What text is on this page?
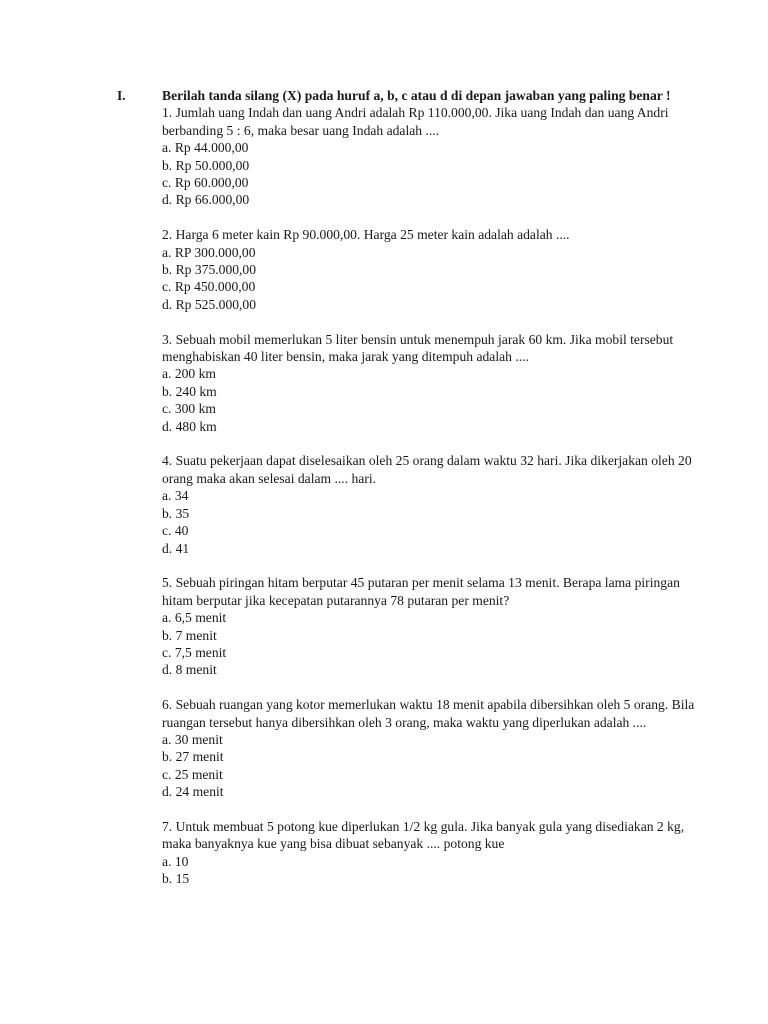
I.	Berilah tanda silang (X) pada huruf a, b, c atau d di depan jawaban yang paling benar !
1. Jumlah uang Indah dan uang Andri adalah Rp 110.000,00. Jika uang Indah dan uang Andri berbanding 5 : 6, maka besar uang Indah adalah ....
a. Rp 44.000,00
b. Rp 50.000,00
c. Rp 60.000,00
d. Rp 66.000,00
2. Harga 6 meter kain Rp 90.000,00. Harga 25 meter kain adalah adalah ....
a. RP 300.000,00
b. Rp 375.000,00
c. Rp 450.000,00
d. Rp 525.000,00
3. Sebuah mobil memerlukan 5 liter bensin untuk menempuh jarak 60 km. Jika mobil tersebut menghabiskan 40 liter bensin, maka jarak yang ditempuh adalah ....
a. 200 km
b. 240 km
c. 300 km
d. 480 km
4. Suatu pekerjaan dapat diselesaikan oleh 25 orang dalam waktu 32 hari. Jika dikerjakan oleh 20 orang maka akan selesai dalam .... hari.
a. 34
b. 35
c. 40
d. 41
5. Sebuah piringan hitam berputar 45 putaran per menit selama 13 menit. Berapa lama piringan hitam berputar jika kecepatan putarannya 78 putaran per menit?
a. 6,5 menit
b. 7 menit
c. 7,5 menit
d. 8 menit
6. Sebuah ruangan yang kotor memerlukan waktu 18 menit apabila dibersihkan oleh 5 orang. Bila ruangan tersebut hanya dibersihkan oleh 3 orang, maka waktu yang diperlukan adalah ....
a. 30 menit
b. 27 menit
c. 25 menit
d. 24 menit
7. Untuk membuat 5 potong kue diperlukan 1/2 kg gula. Jika banyak gula yang disediakan 2 kg, maka banyaknya kue yang bisa dibuat sebanyak .... potong kue
a. 10
b. 15
